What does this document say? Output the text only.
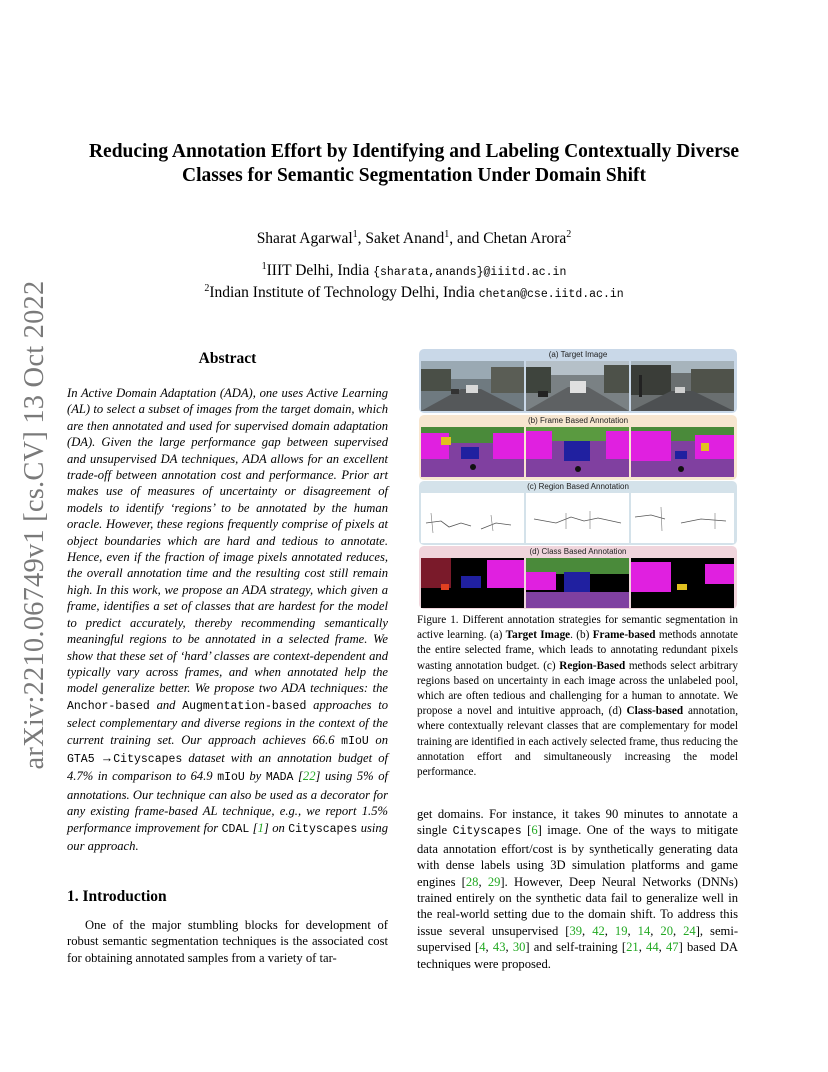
arXiv:2210.06749v1 [cs.CV] 13 Oct 2022
Reducing Annotation Effort by Identifying and Labeling Contextually Diverse
Classes for Semantic Segmentation Under Domain Shift
Sharat Agarwal$^1$, Saket Anand$^1$, and Chetan Arora$^2$
$^1$IIIT Delhi, India {sharata,anands}@iiitd.ac.in
$^2$Indian Institute of Technology Delhi, India chetan@cse.iitd.ac.in
Abstract

In Active Domain Adaptation (ADA), one uses Active Learning (AL) to select a subset of images from the target domain, which are then annotated and used for supervised domain adaptation (DA). Given the large performance gap between supervised and unsupervised DA techniques, ADA allows for an excellent trade-off between annotation cost and performance. Prior art makes use of measures of uncertainty or disagreement of models to identify ‘regions’ to be annotated by the human oracle. However, these regions frequently comprise of pixels at object boundaries which are hard and tedious to annotate. Hence, even if the fraction of image pixels annotated reduces, the overall annotation time and the resulting cost still remain high. In this work, we propose an ADA strategy, which given a frame, identifies a set of classes that are hardest for the model to predict accurately, thereby recommending semantically meaningful regions to be annotated in a selected frame. We show that these set of ‘hard’ classes are context-dependent and typically vary across frames, and when annotated help the model generalize better. We propose two ADA techniques: the Anchor-based and Augmentation-based approaches to select complementary and diverse regions in the context of the current training set. Our approach achieves 66.6 mIoU on GTA5 →Cityscapes dataset with an annotation budget of 4.7% in comparison to 64.9 mIoU by MADA [22] using 5% of annotations. Our technique can also be used as a decorator for any existing frame-based AL technique, e.g., we report 1.5% performance improvement for CDAL [1] on Cityscapes using our approach.

1. Introduction

One of the major stumbling blocks for development of robust semantic segmentation techniques is the associated cost for obtaining annotated samples from a variety of tar-

(a) Target Image
(b) Frame Based Annotation
(c) Region Based Annotation
(d) Class Based Annotation

Figure 1. Different annotation strategies for semantic segmentation in active learning. (a) Target Image. (b) Frame-based methods annotate the entire selected frame, which leads to annotating redundant pixels wasting annotation budget. (c) Region-Based methods select arbitrary regions based on uncertainty in each image across the unlabeled pool, which are often tedious and challenging for a human to annotate. We propose a novel and intuitive approach, (d) Class-based annotation, where contextually relevant classes that are complementary for model training are identified in each actively selected frame, thus reducing the annotation effort and simultaneously increasing the model performance.

get domains. For instance, it takes 90 minutes to annotate a single Cityscapes [6] image. One of the ways to mitigate data annotation effort/cost is by synthetically generating data with dense labels using 3D simulation platforms and game engines [28, 29]. However, Deep Neural Networks (DNNs) trained entirely on the synthetic data fail to generalize well in the real-world setting due to the domain shift. To address this issue several unsupervised [39, 42, 19, 14, 20, 24], semi-supervised [4, 43, 30] and self-training [21, 44, 47] based DA techniques were proposed.
